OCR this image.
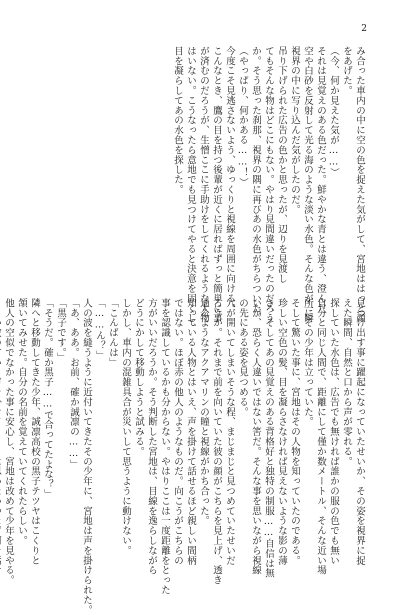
2

み合った車内の中に空の色を捉えた気がして、宮地ははっと顔

をあげた。

（今、何か見えた気が……）

それは見覚えのある色だった。鮮やかな青とは違う、澄んだ

空や白砂を反射して光る海のような淡い水色。そんな色が一瞬

視界の中に写り込んだ気がしたのだ。

吊り下げられた広告の色かと思ったが、辺りを見渡し

てもそんな物はどこにもない。やはり見間違いだったのだろう

か。そう思った刹那、視界の隅に再びあの水色がちらついた。

（やっぱり、何かある……！）

今度こそ見逃さないよう、ゆっくりと視線を周囲に向ける。

こんなとき、鷹の目を持つ後輩が近くに居ればずっと簡単に事

が済むのだろうが、生憎ここに手助けをしてくれるような人物

はいない。こうなったら意地でも見つけてやると決意を固くし、

目を凝らしてあの水色を探した。

見つけ出す事に躍起になっていたせいか、その姿を視界に捉

えた瞬間、自然と口から声が零れる。

探していた水色は、広告でも無ければ誰かの服の色でも無い

自分と同じ人間で、距離にして僅か数メートル、そんな近い場

所にその少年は立っていた。

そして驚いた事に、宮地はその人物を知っていたのである。

珍しい空色の髪、目を凝らさなければ見えないような影の薄

さ、そしてあの見覚えのある背格好と独特の制服……自信は無

いが、恐らく人違いではない筈だ。そんな事を思いながら視線

の先にある姿を見つめる。

穴が開いてしまいそうな程、まじまじと見つめていたせいだ

ろうか。それまで前を向いていた彼の顔がこちらを見上げ、透き

通るようなアクアマリンの瞳と視線がかち合った。

知っている人物とはいえ、声を掛けて話せるほど親しい間柄

ではない。ほぼ赤の他人のようなものだ。向こうがこちらの

事を認識しているかも分からない。やはりここは一度距離をとった

方がいいだろうか。そう判断した宮地は、目線を逸らしながら

どうにかして移動しようと試みる。

しかし、車内の混雑具合が災いして思うように動けない。

「こんばんは」

「……ん？」

人の波を縫うように近付いてきたその少年に、宮地は声を掛けられた。

「あ、ああ。お前、確か誠凛の……」

「黒子です。」

「そうだ。確か黒子……で合ってたよな？」

隣へと移動してきた少年、誠凛高校の黒子テツヤはこくりと

頷いてみせた。自分の名前を覚えていてくれたらしい。

他人の空似でなかった事に安心し、宮地は改めて少年を見やる。
